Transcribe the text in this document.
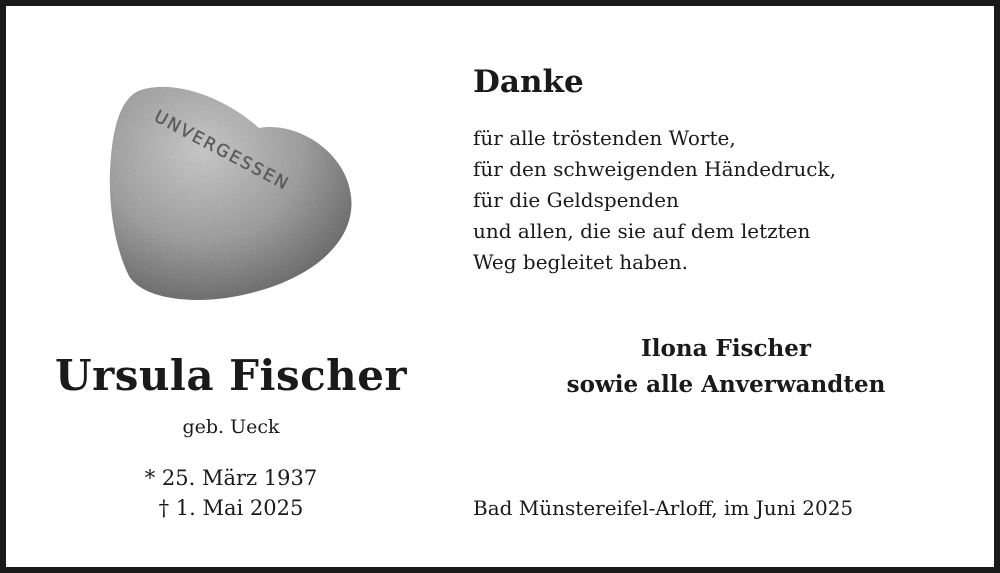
UNVERGESSEN
Ursula Fischer
geb. Ueck
* 25. März 1937
† 1. Mai 2025
Danke
für alle tröstenden Worte,
für den schweigenden Händedruck,
für die Geldspenden
und allen, die sie auf dem letzten
Weg begleitet haben.
Ilona Fischer
sowie alle Anverwandten
Bad Münstereifel-Arloff, im Juni 2025
